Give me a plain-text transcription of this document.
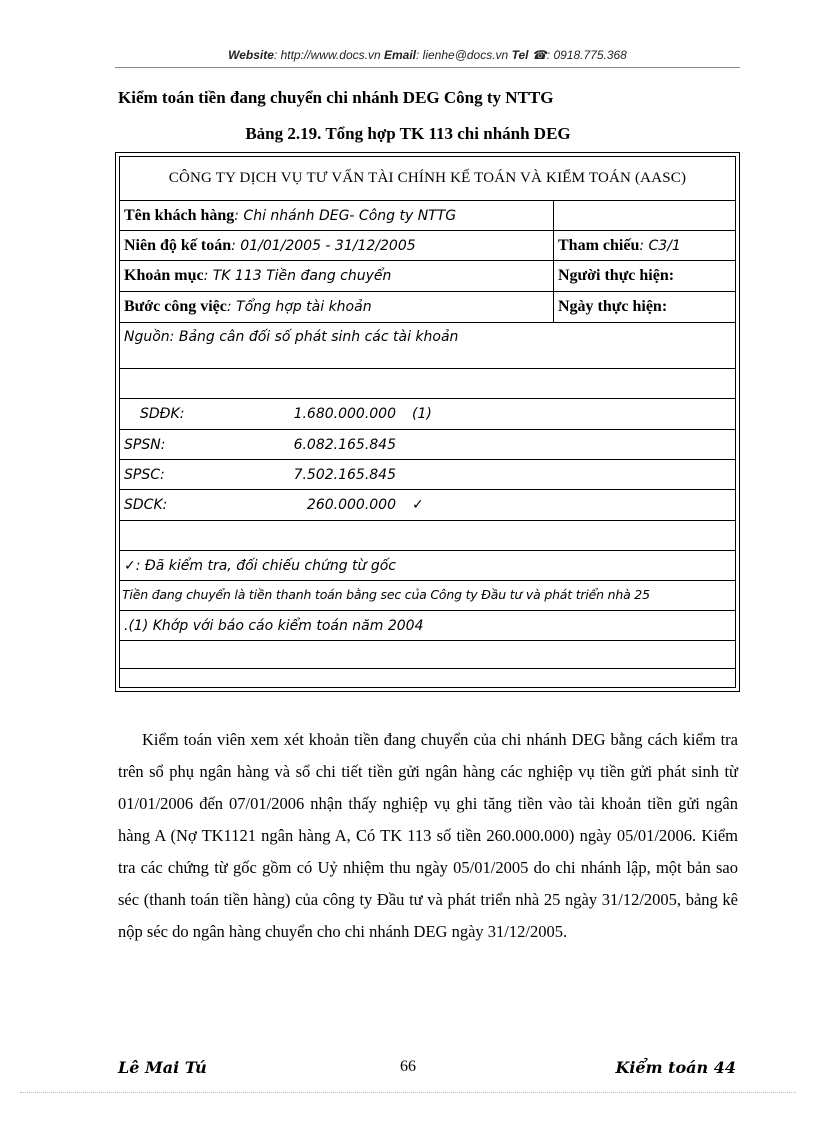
Website: http://www.docs.vn Email: lienhe@docs.vn Tel ☎: 0918.775.368
Kiểm toán tiền đang chuyển chi nhánh DEG Công ty NTTG
Bảng 2.19. Tổng hợp TK 113 chi nhánh DEG
CÔNG TY DỊCH VỤ TƯ VẤN TÀI CHÍNH KẾ TOÁN VÀ KIỂM TOÁN (AASC)
Tên khách hàng : Chi nhánh DEG- Công ty NTTG
Niên độ kế toán : 01/01/2005 - 31/12/2005	Tham chiếu : C3/1
Khoản mục : TK 113 Tiền đang chuyển	Người thực hiện:
Bước công việc : Tổng hợp tài khoản	Ngày thực hiện:
Nguồn: Bảng cân đối số phát sinh các tài khoản
SDĐK:	1.680.000.000 (1)
SPSN:	6.082.165.845
SPSC:	7.502.165.845
SDCK:	260.000.000 ✓
✓: Đã kiểm tra, đối chiếu chứng từ gốc
Tiền đang chuyển là tiền thanh toán bằng sec của Công ty Đầu tư và phát triển nhà 25
.(1) Khớp với báo cáo kiểm toán năm 2004
Kiểm toán viên xem xét khoản tiền đang chuyển của chi nhánh DEG bằng cách kiểm tra trên sổ phụ ngân hàng và sổ chi tiết tiền gửi ngân hàng các nghiệp vụ tiền gửi phát sinh từ 01/01/2006 đến 07/01/2006 nhận thấy nghiệp vụ ghi tăng tiền vào tài khoản tiền gửi ngân hàng A (Nợ TK1121 ngân hàng A, Có TK 113 số tiền 260.000.000) ngày 05/01/2006. Kiểm tra các chứng từ gốc gồm có Uỷ nhiệm thu ngày 05/01/2005 do chi nhánh lập, một bản sao séc (thanh toán tiền hàng) của công ty Đầu tư và phát triển nhà 25 ngày 31/12/2005, bảng kê nộp séc do ngân hàng chuyển cho chi nhánh DEG ngày 31/12/2005.
Lê Mai Tú	66	Kiểm toán 44
